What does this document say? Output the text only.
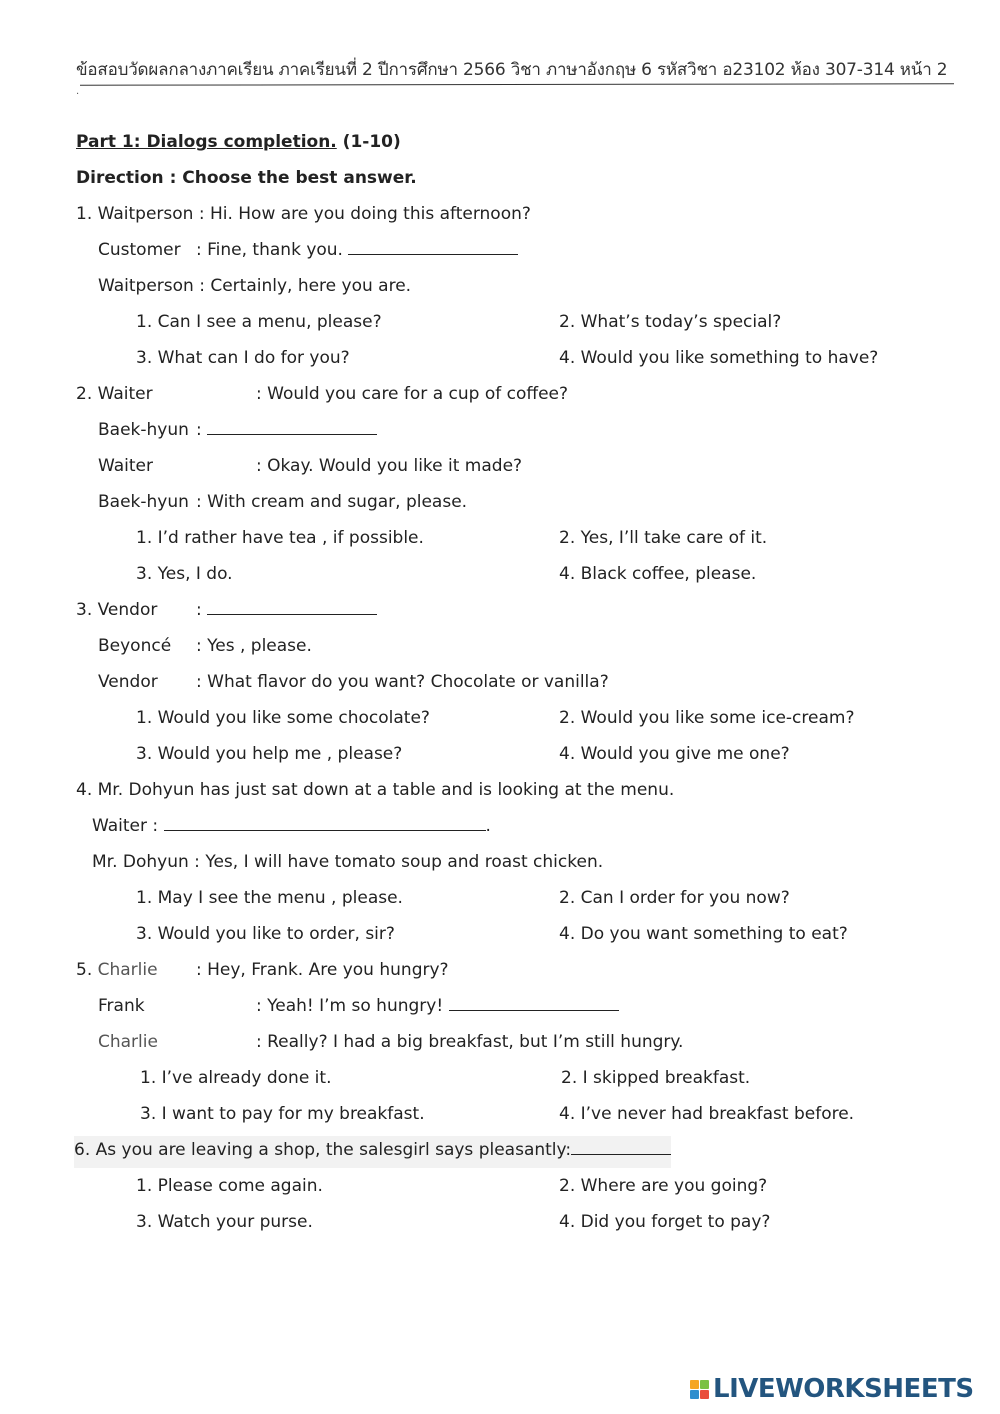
ข้อสอบวัดผลกลางภาคเรียน ภาคเรียนที่ 2 ปีการศึกษา 2566 วิชา ภาษาอังกฤษ 6 รหัสวิชา อ23102 ห้อง 307-314 หน้า 2
.
Part 1: Dialogs completion. (1-10)
Direction : Choose the best answer.
1. Waitperson : Hi. How are you doing this afternoon?
Customer : Fine, thank you.
Waitperson : Certainly, here you are.
1. Can I see a menu, please?	2. What’s today’s special?
3. What can I do for you?	4. Would you like something to have?
2. Waiter	: Would you care for a cup of coffee?
Baek-hyun :
Waiter	: Okay. Would you like it made?
Baek-hyun : With cream and sugar, please.
1. I’d rather have tea , if possible.	2. Yes, I’ll take care of it.
3. Yes, I do.	4. Black coffee, please.
3. Vendor :
Beyoncé : Yes , please.
Vendor : What flavor do you want? Chocolate or vanilla?
1. Would you like some chocolate?	2. Would you like some ice-cream?
3. Would you help me , please?	4. Would you give me one?
4. Mr. Dohyun has just sat down at a table and is looking at the menu.
Waiter :	.
Mr. Dohyun : Yes, I will have tomato soup and roast chicken.
1. May I see the menu , please.	2. Can I order for you now?
3. Would you like to order, sir?	4. Do you want something to eat?
5. Charlie : Hey, Frank. Are you hungry?
Frank	: Yeah! I’m so hungry!
Charlie	: Really? I had a big breakfast, but I’m still hungry.
1. I’ve already done it.	2. I skipped breakfast.
3. I want to pay for my breakfast.	4. I’ve never had breakfast before.
6. As you are leaving a shop, the salesgirl says pleasantly:
1. Please come again.	2. Where are you going?
3. Watch your purse.	4. Did you forget to pay?
LIVEWORKSHEETS
